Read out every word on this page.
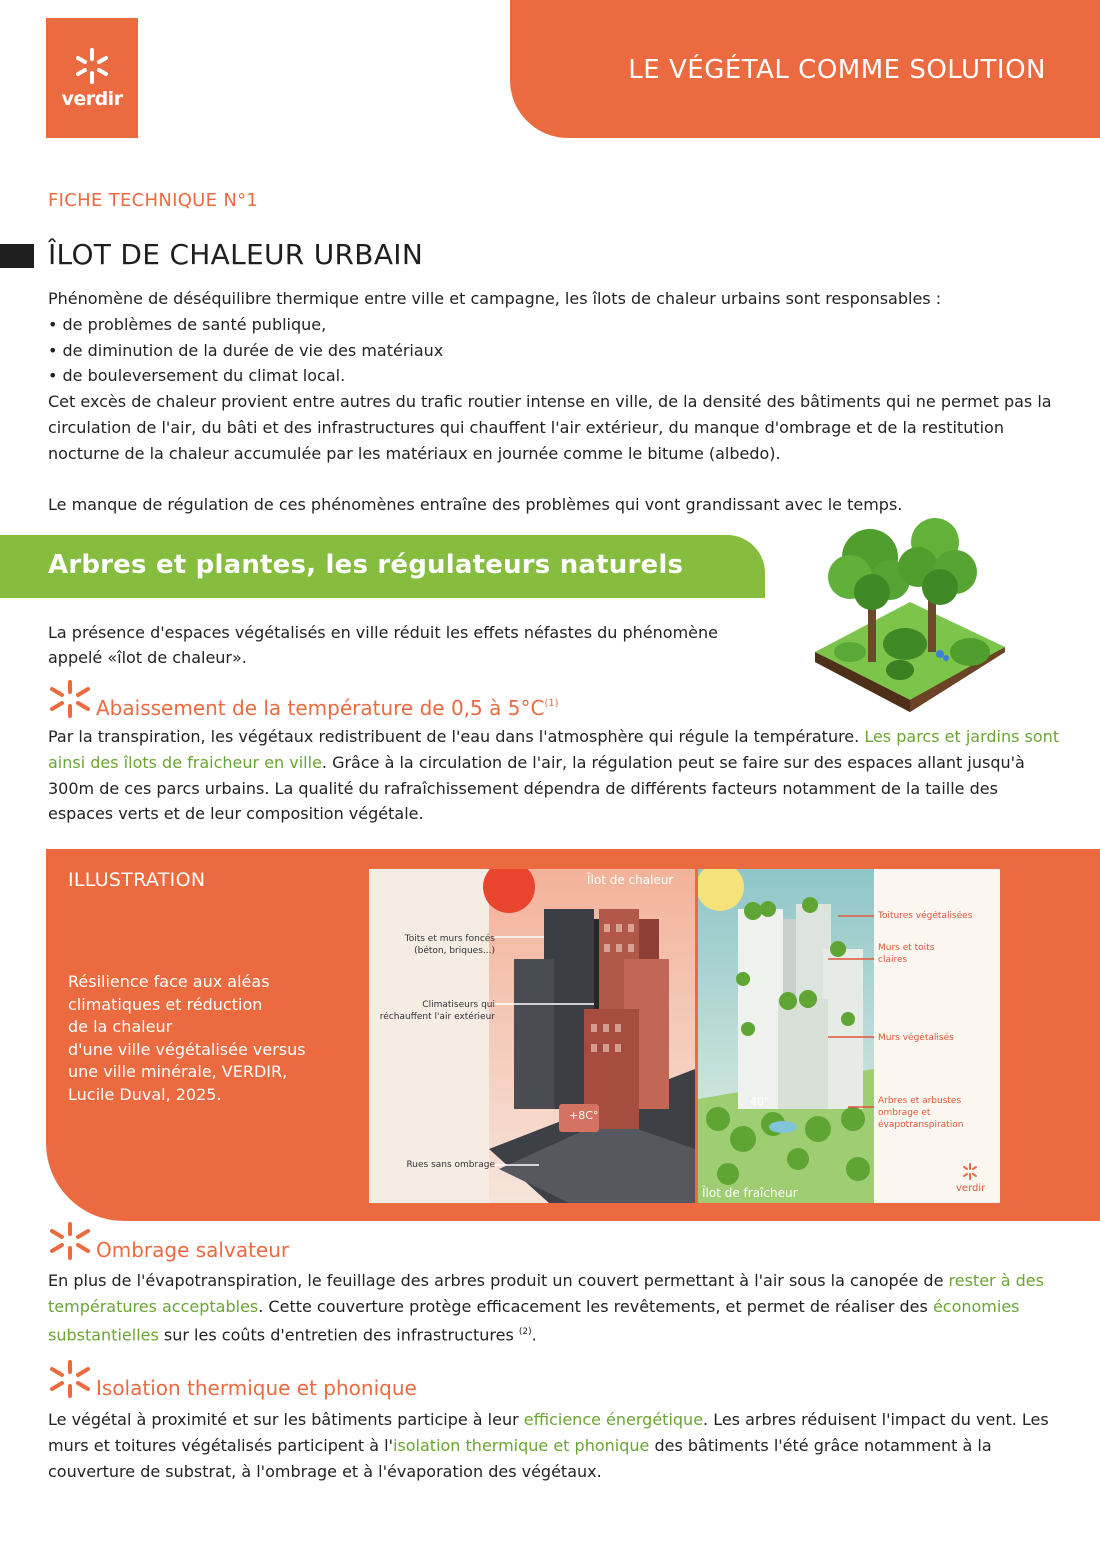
verdir
LE VÉGÉTAL COMME SOLUTION
FICHE TECHNIQUE N°1
ÎLOT DE CHALEUR URBAIN

Phénomène de déséquilibre thermique entre ville et campagne, les îlots de chaleur urbains sont responsables :

• de problèmes de santé publique,

• de diminution de la durée de vie des matériaux

• de bouleversement du climat local.

Cet excès de chaleur provient entre autres du trafic routier intense en ville, de la densité des bâtiments qui ne permet pas la circulation de l'air, du bâti et des infrastructures qui chauffent l'air extérieur, du manque d'ombrage et de la restitution nocturne de la chaleur accumulée par les matériaux en journée comme le bitume (albedo).

Le manque de régulation de ces phénomènes entraîne des problèmes qui vont grandissant avec le temps.

Arbres et plantes, les régulateurs naturels

La présence d'espaces végétalisés en ville réduit les effets néfastes du phénomène appelé «îlot de chaleur».

Abaissement de la température de 0,5 à $5^\circ C^{(1)}$

Par la transpiration, les végétaux redistribuent de l'eau dans l'atmosphère qui régule la température. Les parcs et jardins sont ainsi des îlots de fraicheur en ville. Grâce à la circulation de l'air, la régulation peut se faire sur des espaces allant jusqu'à 300m de ces parcs urbains. La qualité du rafraîchissement dépendra de différents facteurs notamment de la taille des espaces verts et de leur composition végétale.

ILLUSTRATION
Résilience face aux aléas
climatiques et réduction
de la chaleur
d'une ville végétalisée versus
une ville minérale, VERDIR,
Lucile Duval, 2025.
Îlot de chaleur
Toits et murs foncés
(béton, briques...)
Climatiseurs qui
réchauffent l'air extérieur
Rues sans ombrage
+8C°
Îlot de fraîcheur
Toitures végétalisées
Murs et toits
claires
Murs végétalisés
Arbres et arbustes
ombrage et
évapotranspiration
40°
verdir
Ombrage salvateur

En plus de l'évapotranspiration, le feuillage des arbres produit un couvert permettant à l'air sous la canopée de rester à des températures acceptables. Cette couverture protège efficacement les revêtements, et permet de réaliser des économies substantielles sur les coûts d'entretien des infrastructures $^{(2)}$.

Isolation thermique et phonique

Le végétal à proximité et sur les bâtiments participe à leur efficience énergétique. Les arbres réduisent l'impact du vent. Les murs et toitures végétalisés participent à l'isolation thermique et phonique des bâtiments l'été grâce notamment à la couverture de substrat, à l'ombrage et à l'évaporation des végétaux.
